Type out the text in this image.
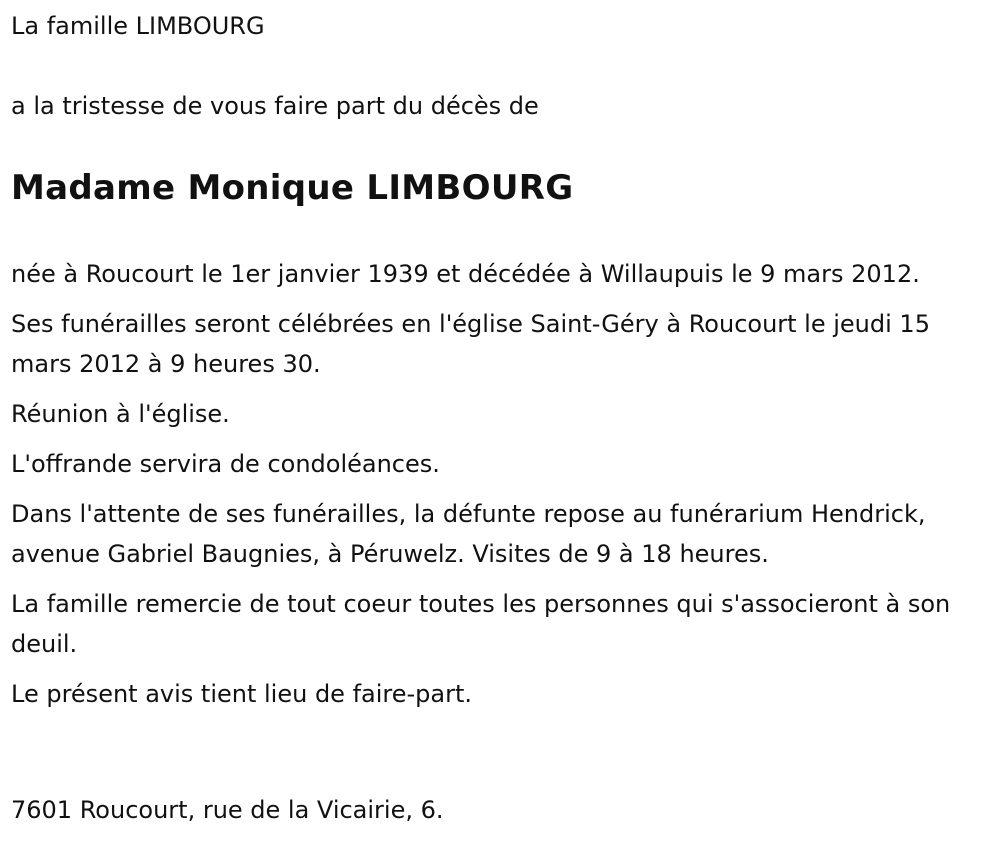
La famille LIMBOURG

a la tristesse de vous faire part du décès de

Madame Monique LIMBOURG

née à Roucourt le 1er janvier 1939 et décédée à Willaupuis le 9 mars 2012.

Ses funérailles seront célébrées en l'église Saint-Géry à Roucourt le jeudi 15 mars 2012 à 9 heures 30.

Réunion à l'église.

L'offrande servira de condoléances.

Dans l'attente de ses funérailles, la défunte repose au funérarium Hendrick, avenue Gabriel Baugnies, à Péruwelz. Visites de 9 à 18 heures.

La famille remercie de tout coeur toutes les personnes qui s'associeront à son deuil.

Le présent avis tient lieu de faire-part.

7601 Roucourt, rue de la Vicairie, 6.
